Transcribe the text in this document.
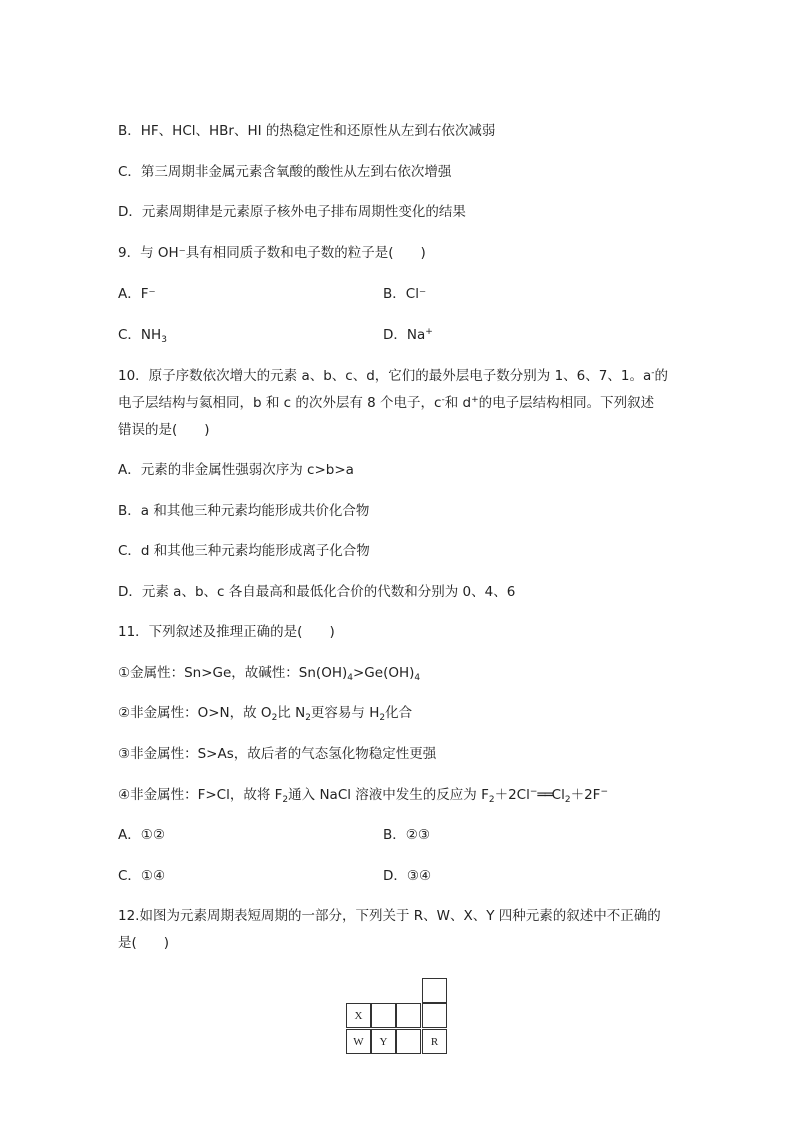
B．HF、HCl、HBr、HI 的热稳定性和还原性从左到右依次减弱
C．第三周期非金属元素含氧酸的酸性从左到右依次增强
D．元素周期律是元素原子核外电子排布周期性变化的结果
9．与 OH⁻具有相同质子数和电子数的粒子是(　　)
A．F⁻	B．Cl⁻
C．$NH_3$	D．Na+
10．原子序数依次增大的元素 a、b、c、d，它们的最外层电子数分别为 1、6、7、1。a-的
电子层结构与氦相同，b 和 c 的次外层有 8 个电子，c-和 d+的电子层结构相同。下列叙述
错误的是(　　)
A．元素的非金属性强弱次序为 c>b>a
B．a 和其他三种元素均能形成共价化合物
C．d 和其他三种元素均能形成离子化合物
D．元素 a、b、c 各自最高和最低化合价的代数和分别为 0、4、6
11．下列叙述及推理正确的是(　　)
①金属性：Sn>Ge，故碱性：$Sn(OH)_4>Ge(OH)_4$
②非金属性：O>N，故 $O_2$比 $N_2$更容易与 $H_2$化合
③非金属性：S>As，故后者的气态氢化物稳定性更强
④非金属性：F>Cl，故将 $F_2$通入 NaCl 溶液中发生的反应为 $F_2+2Cl^-══Cl_2+2F^-$
A．①②	B．②③
C．①④	D．③④
12.如图为元素周期表短周期的一部分，下列关于 R、W、X、Y 四种元素的叙述中不正确的
是(　　)
X
W	Y	R
